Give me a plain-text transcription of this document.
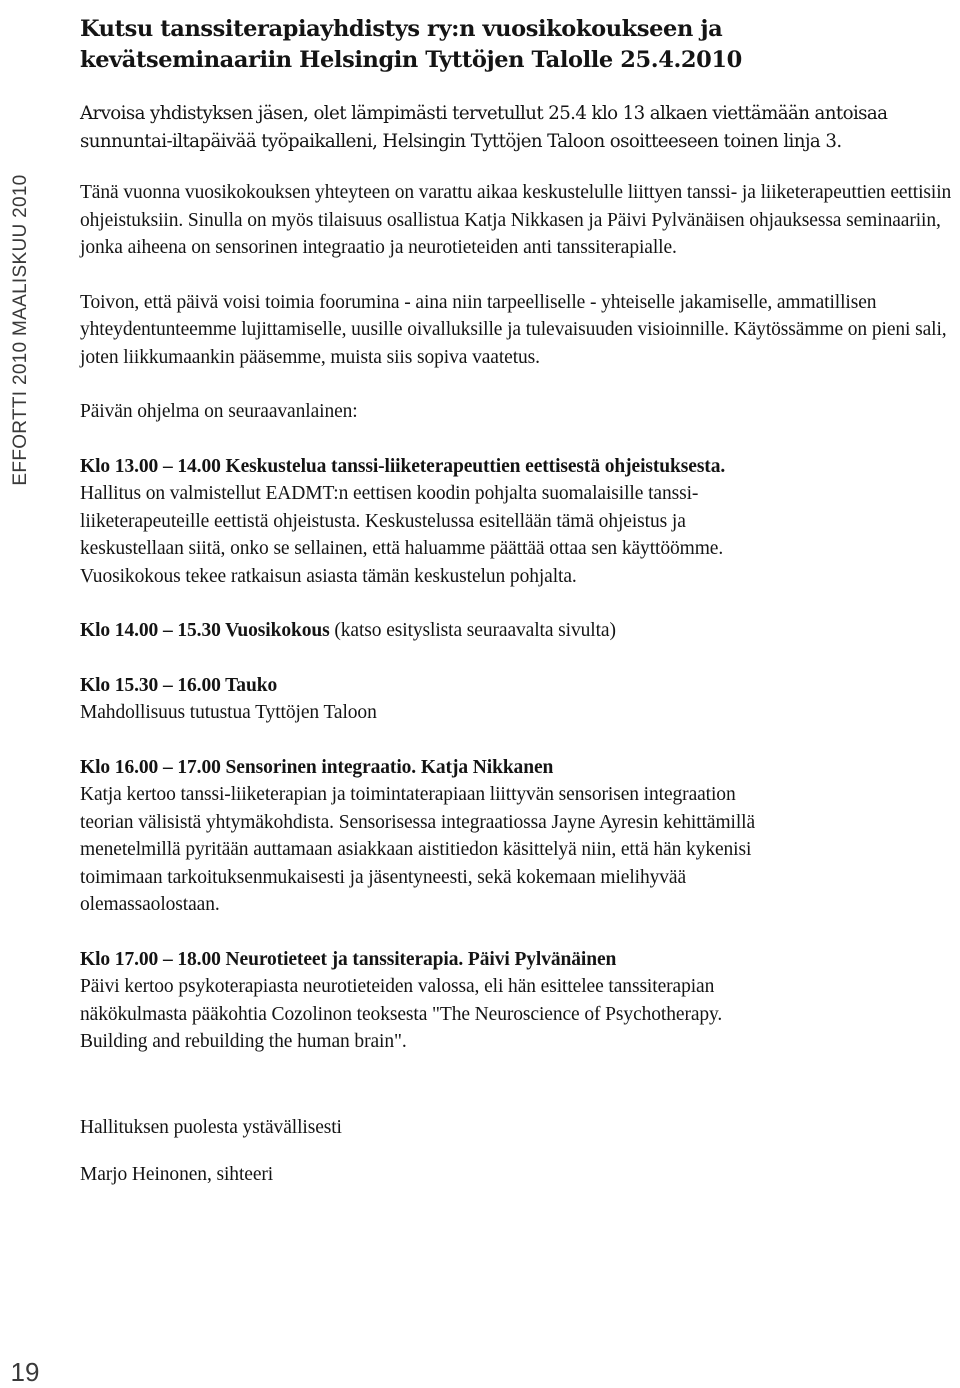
EFFORTTI 2010 MAALISKUU 2010
19
Kutsu tanssiterapiayhdistys ry:n vuosikokoukseen ja
kevätseminaariin Helsingin Tyttöjen Talolle 25.4.2010

Arvoisa yhdistyksen jäsen, olet lämpimästi tervetullut 25.4 klo 13 alkaen viettämään antoisaa sunnuntai-iltapäivää työpaikalleni, Helsingin Tyttöjen Taloon osoitteeseen toinen linja 3.

Tänä vuonna vuosikokouksen yhteyteen on varattu aikaa keskustelulle liittyen tanssi- ja liiketerapeuttien eettisiin ohjeistuksiin. Sinulla on myös tilaisuus osallistua Katja Nikkasen ja Päivi Pylvänäisen ohjauksessa seminaariin, jonka aiheena on sensorinen integraatio ja neurotieteiden anti tanssiterapialle.

Toivon, että päivä voisi toimia foorumina - aina niin tarpeelliselle - yhteiselle jakamiselle, ammatillisen yhteydentunteemme lujittamiselle, uusille oivalluksille ja tulevaisuuden visioinnille. Käytössämme on pieni sali, joten liikkumaankin pääsemme, muista siis sopiva vaatetus.

Päivän ohjelma on seuraavanlainen:

Klo 13.00 – 14.00 Keskustelua tanssi-liiketerapeuttien eettisestä ohjeistuksesta.

Hallitus on valmistellut EADMT:n eettisen koodin pohjalta suomalaisille tanssi-

liiketerapeuteille eettistä ohjeistusta. Keskustelussa esitellään tämä ohjeistus ja

keskustellaan siitä, onko se sellainen, että haluamme päättää ottaa sen käyttöömme.

Vuosikokous tekee ratkaisun asiasta tämän keskustelun pohjalta.

Klo 14.00 – 15.30 Vuosikokous (katso esityslista seuraavalta sivulta)

Klo 15.30 – 16.00 Tauko

Mahdollisuus tutustua Tyttöjen Taloon

Klo 16.00 – 17.00 Sensorinen integraatio. Katja Nikkanen

Katja kertoo tanssi-liiketerapian ja toimintaterapiaan liittyvän sensorisen integraation

teorian välisistä yhtymäkohdista. Sensorisessa integraatiossa Jayne Ayresin kehittämillä

menetelmillä pyritään auttamaan asiakkaan aistitiedon käsittelyä niin, että hän kykenisi

toimimaan tarkoituksenmukaisesti ja jäsentyneesti, sekä kokemaan mielihyvää

olemassaolostaan.

Klo 17.00 – 18.00 Neurotieteet ja tanssiterapia. Päivi Pylvänäinen

Päivi kertoo psykoterapiasta neurotieteiden valossa, eli hän esittelee tanssiterapian

näkökulmasta pääkohtia Cozolinon teoksesta "The Neuroscience of Psychotherapy.

Building and rebuilding the human brain".

Hallituksen puolesta ystävällisesti

Marjo Heinonen, sihteeri
